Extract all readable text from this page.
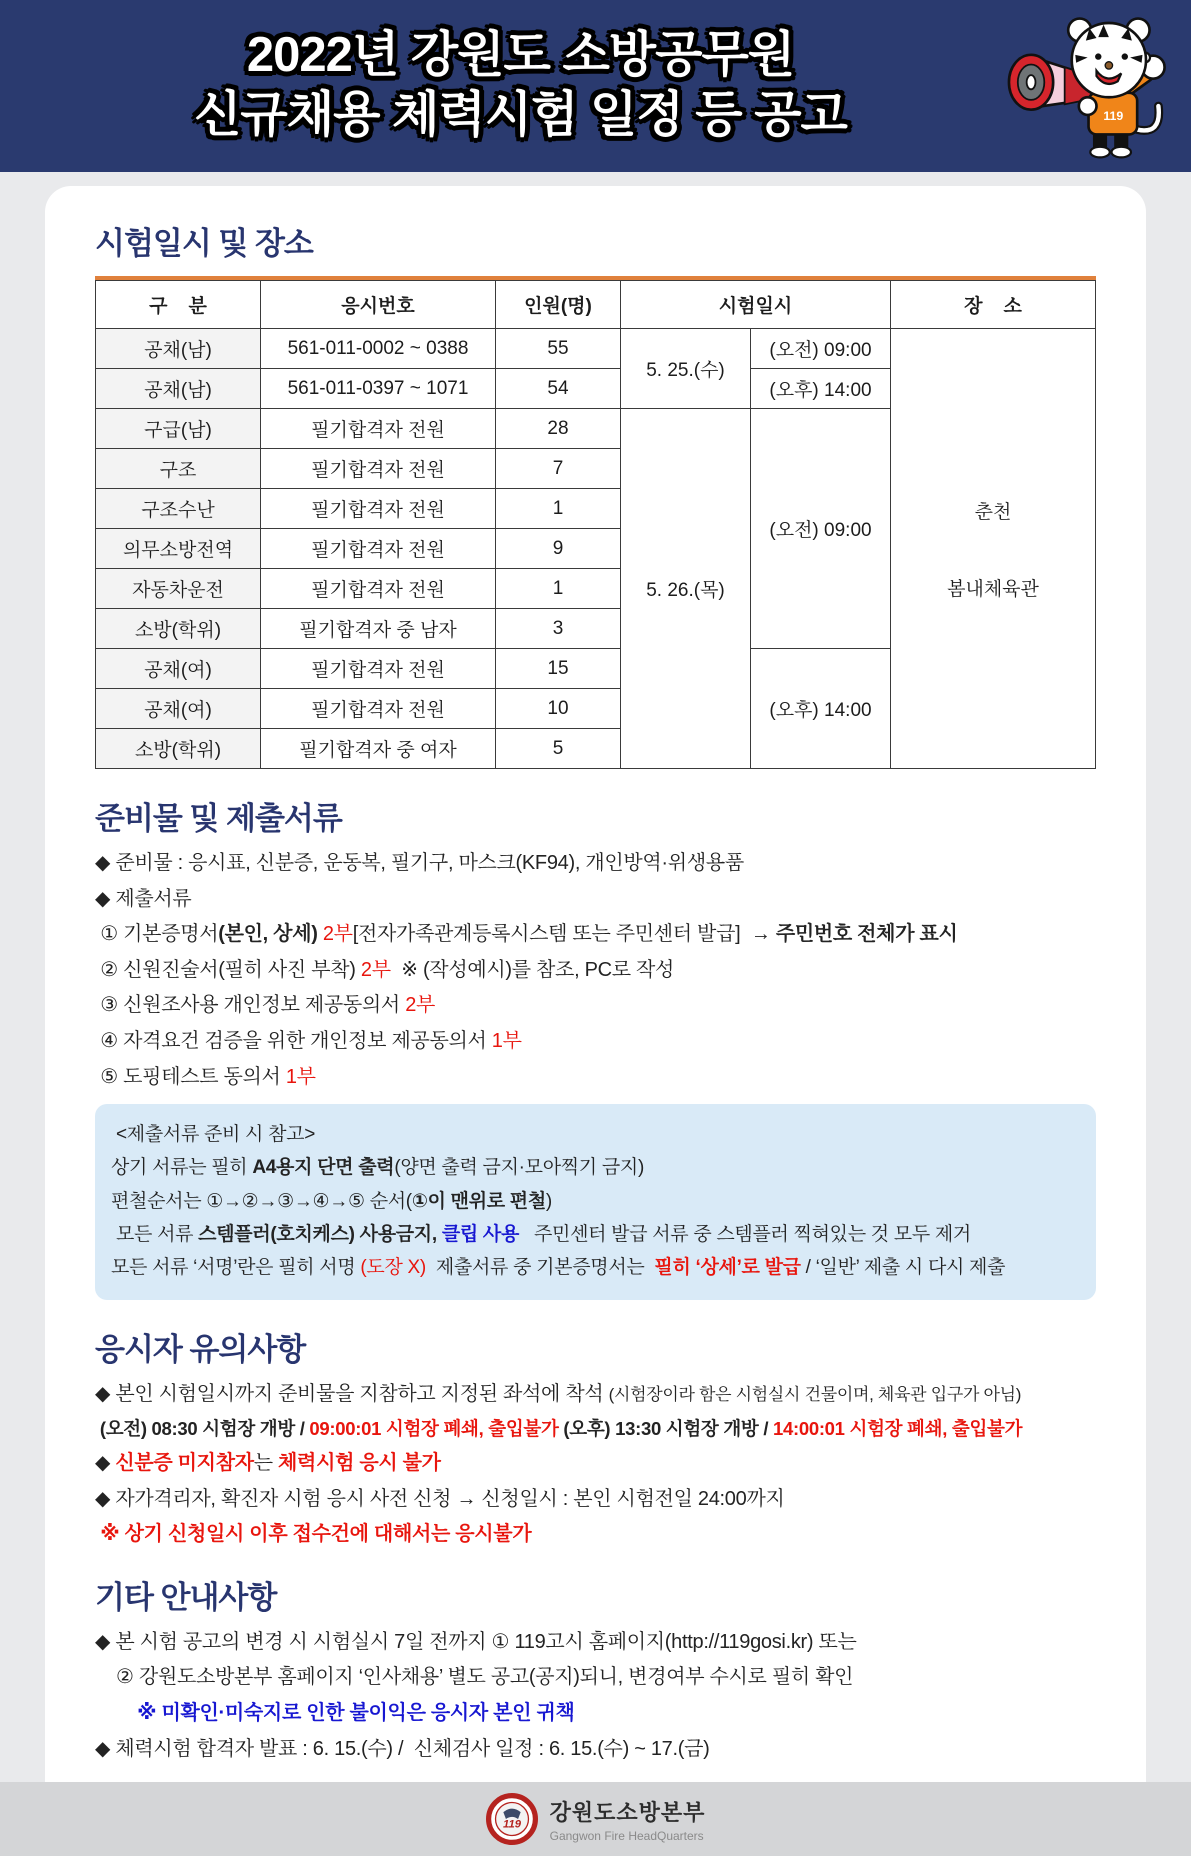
2022년 강원도 소방공무원
신규채용 체력시험 일정 등 공고	119
시험일시 및 장소
구    분	응시번호	인원(명)	시험일시		장    소
공채(남)	561-011-0002 ~ 0388	55	5. 25.(수)	(오전) 09:00	춘천

봄내체육관

공채(남)	561-011-0397 ~ 1071	54		(오후) 14:00	
구급(남)	필기합격자 전원	28	5. 26.(목)	(오전) 09:00	
구조	필기합격자 전원	7			
구조수난	필기합격자 전원	1			
의무소방전역	필기합격자 전원	9			
자동차운전	필기합격자 전원	1			
소방(학위)	필기합격자 중 남자	3			
공채(여)	필기합격자 전원	15		(오후) 14:00	
공채(여)	필기합격자 전원	10			
소방(학위)	필기합격자 중 여자	5			
준비물 및 제출서류

◆ 준비물 : 응시표, 신분증, 운동복, 필기구, 마스크(KF94), 개인방역·위생용품

◆ 제출서류

① 기본증명서(본인, 상세) 2부[전자가족관계등록시스템 또는 주민센터 발급]  → 주민번호 전체가 표시

② 신원진술서(필히 사진 부착) 2부  ※ (작성예시)를 참조, PC로 작성

③ 신원조사용 개인정보 제공동의서 2부

④ 자격요건 검증을 위한 개인정보 제공동의서 1부

⑤ 도핑테스트 동의서 1부

<제출서류 준비 시 참고>

상기 서류는 필히 A4용지 단면 출력(양면 출력 금지·모아찍기 금지)

편철순서는 ①→②→③→④→⑤ 순서(①이 맨위로 편철)

모든 서류 스템플러(호치케스) 사용금지, 클립 사용   주민센터 발급 서류 중 스템플러 찍혀있는 것 모두 제거

모든 서류 ‘서명’란은 필히 서명 (도장 X)  제출서류 중 기본증명서는  필히 ‘상세’로 발급 / ‘일반’ 제출 시 다시 제출

응시자 유의사항

◆ 본인 시험일시까지 준비물을 지참하고 지정된 좌석에 착석 (시험장이라 함은 시험실시 건물이며, 체육관 입구가 아님)

(오전) 08:30 시험장 개방 / 09:00:01 시험장 폐쇄, 출입불가 (오후) 13:30 시험장 개방 / 14:00:01 시험장 폐쇄, 출입불가

◆ 신분증 미지참자는 체력시험 응시 불가

◆ 자가격리자, 확진자 시험 응시 사전 신청 → 신청일시 : 본인 시험전일 24:00까지

※ 상기 신청일시 이후 접수건에 대해서는 응시불가

기타 안내사항

◆ 본 시험 공고의 변경 시 시험실시 7일 전까지 ① 119고시 홈페이지(http://119gosi.kr) 또는

② 강원도소방본부 홈페이지 ‘인사채용’ 별도 공고(공지)되니, 변경여부 수시로 필히 확인

※ 미확인·미숙지로 인한 불이익은 응시자 본인 귀책

◆ 체력시험 합격자 발표 : 6. 15.(수) /  신체검사 일정 : 6. 15.(수) ~ 17.(금)

119
강원도소방본부
Gangwon Fire HeadQuarters
